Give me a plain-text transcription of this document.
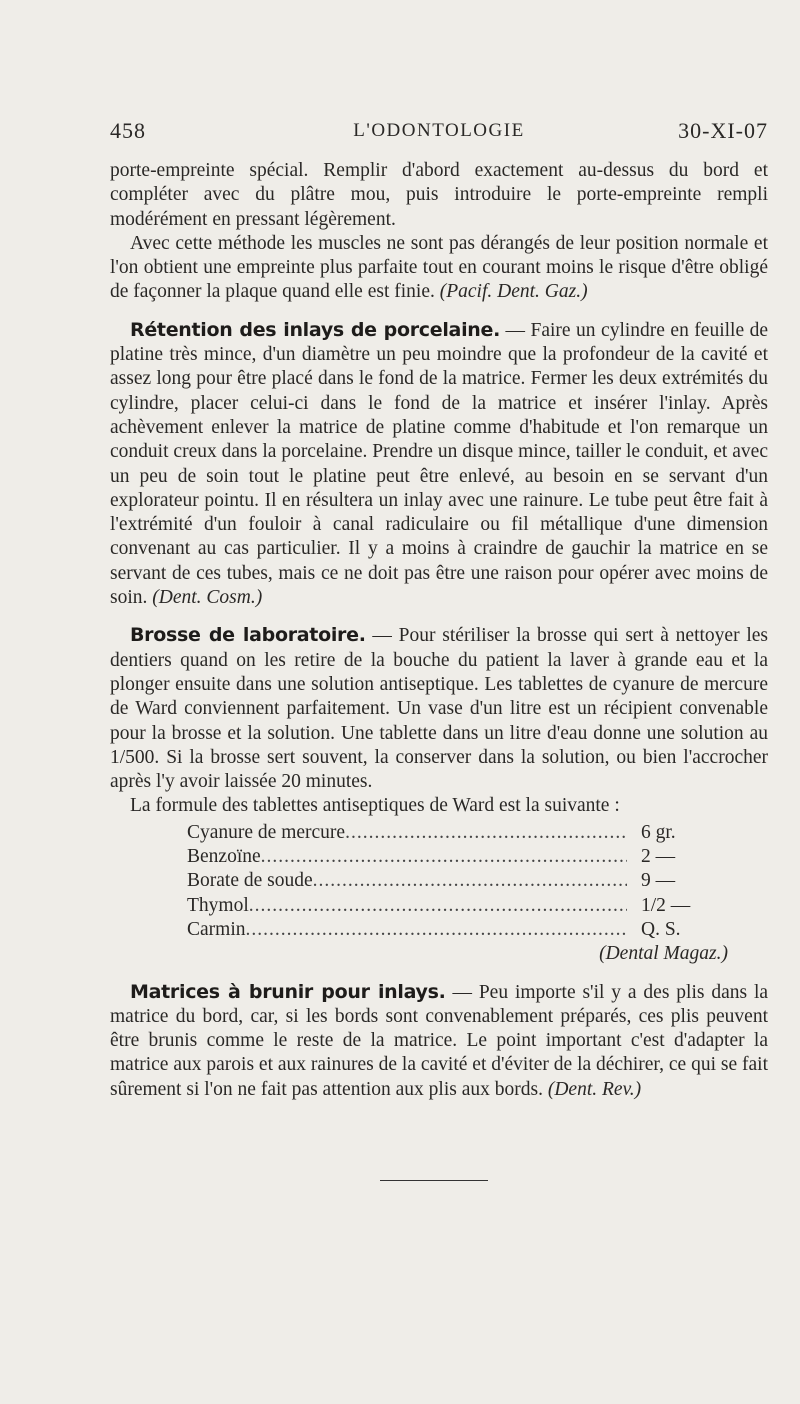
458	L'ODONTOLOGIE	30-XI-07

porte-empreinte spécial. Remplir d'abord exactement au-dessus du bord et compléter avec du plâtre mou, puis introduire le porte-empreinte rempli modérément en pressant légèrement.

Avec cette méthode les muscles ne sont pas dérangés de leur position normale et l'on obtient une empreinte plus parfaite tout en courant moins le risque d'être obligé de façonner la plaque quand elle est finie. (Pacif. Dent. Gaz.)

Rétention des inlays de porcelaine. — Faire un cylindre en feuille de platine très mince, d'un diamètre un peu moindre que la profondeur de la cavité et assez long pour être placé dans le fond de la matrice. Fermer les deux extrémités du cylindre, placer celui-ci dans le fond de la matrice et insérer l'inlay. Après achèvement enlever la matrice de platine comme d'habitude et l'on remarque un conduit creux dans la porcelaine. Prendre un disque mince, tailler le conduit, et avec un peu de soin tout le platine peut être enlevé, au besoin en se servant d'un explorateur pointu. Il en résultera un inlay avec une rainure. Le tube peut être fait à l'extrémité d'un fouloir à canal radiculaire ou fil métallique d'une dimension convenant au cas particulier. Il y a moins à craindre de gauchir la matrice en se servant de ces tubes, mais ce ne doit pas être une raison pour opérer avec moins de soin. (Dent. Cosm.)

Brosse de laboratoire. — Pour stériliser la brosse qui sert à nettoyer les dentiers quand on les retire de la bouche du patient la laver à grande eau et la plonger ensuite dans une solution antiseptique. Les tablettes de cyanure de mercure de Ward conviennent parfaitement. Un vase d'un litre est un récipient convenable pour la brosse et la solution. Une tablette dans un litre d'eau donne une solution au 1/500. Si la brosse sert souvent, la conserver dans la solution, ou bien l'accrocher après l'y avoir laissée 20 minutes.

La formule des tablettes antiseptiques de Ward est la suivante :

Cyanure de mercure .....	6 gr.
Benzoïne .....	2 —
Borate de soude .....	9 —
Thymol .....	1/2 —
Carmin .....	Q. S.
(Dental Magaz.)

Matrices à brunir pour inlays. — Peu importe s'il y a des plis dans la matrice du bord, car, si les bords sont convenablement préparés, ces plis peuvent être brunis comme le reste de la matrice. Le point important c'est d'adapter la matrice aux parois et aux rainures de la cavité et d'éviter de la déchirer, ce qui se fait sûrement si l'on ne fait pas attention aux plis aux bords. (Dent. Rev.)
